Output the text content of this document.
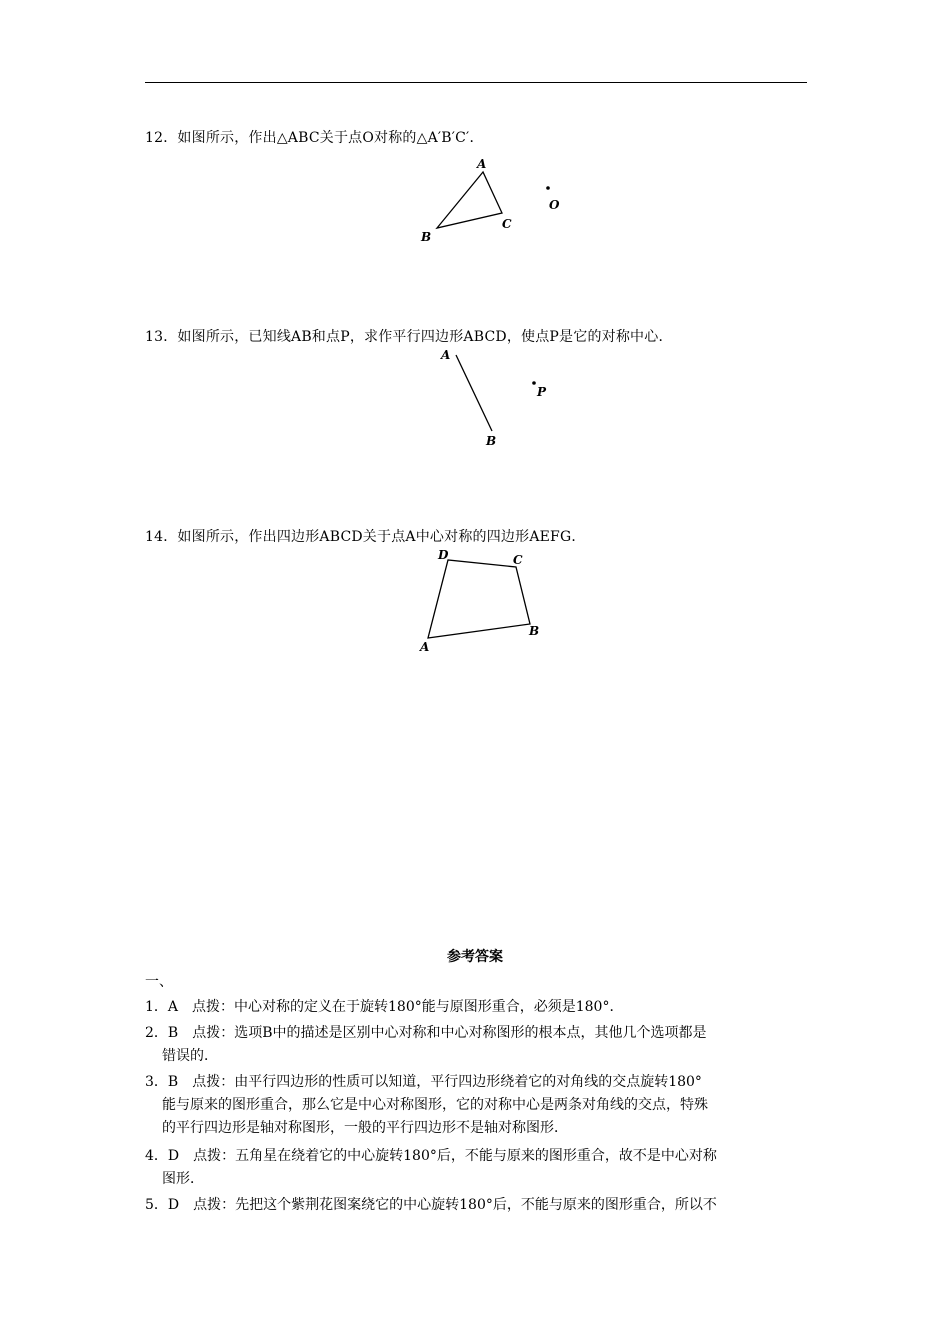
12．如图所示，作出△ABC关于点O对称的△A′B′C′．
A
B
C
O
13．如图所示，已知线AB和点P，求作平行四边形ABCD，使点P是它的对称中心．
A
B
P
14．如图所示，作出四边形ABCD关于点A中心对称的四边形AEFG．
A
B
C
D
参考答案
一、
1．A　点拨：中心对称的定义在于旋转180°能与原图形重合，必须是180°．
2．B　点拨：选项B中的描述是区别中心对称和中心对称图形的根本点，其他几个选项都是
错误的．
3．B　点拨：由平行四边形的性质可以知道，平行四边形绕着它的对角线的交点旋转180°
能与原来的图形重合，那么它是中心对称图形，它的对称中心是两条对角线的交点，特殊
的平行四边形是轴对称图形，一般的平行四边形不是轴对称图形．
4．D　点拨：五角星在绕着它的中心旋转180°后，不能与原来的图形重合，故不是中心对称
图形．
5．D　点拨：先把这个紫荆花图案绕它的中心旋转180°后，不能与原来的图形重合，所以不
